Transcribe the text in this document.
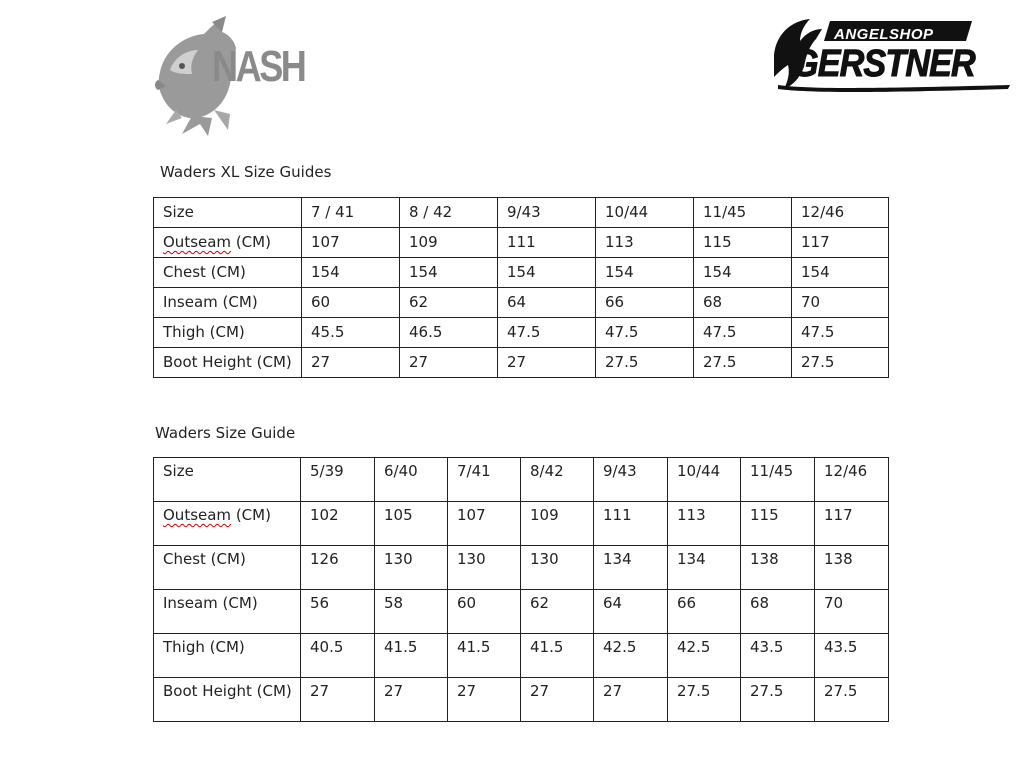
NASH
ANGELSHOP
GERSTNER
Waders XL Size Guides
Size	7 / 41	8 / 42	9/43	10/44	11/45	12/46
Outseam (CM)	107	109	111	113	115	117
Chest (CM)	154	154	154	154	154	154
Inseam (CM)	60	62	64	66	68	70
Thigh (CM)	45.5	46.5	47.5	47.5	47.5	47.5
Boot Height (CM)	27	27	27	27.5	27.5	27.5
Waders Size Guide
Size	5/39	6/40	7/41	8/42	9/43	10/44	11/45	12/46
Outseam (CM)	102	105	107	109	111	113	115	117
Chest (CM)	126	130	130	130	134	134	138	138
Inseam (CM)	56	58	60	62	64	66	68	70
Thigh (CM)	40.5	41.5	41.5	41.5	42.5	42.5	43.5	43.5
Boot Height (CM)	27	27	27	27	27	27.5	27.5	27.5
